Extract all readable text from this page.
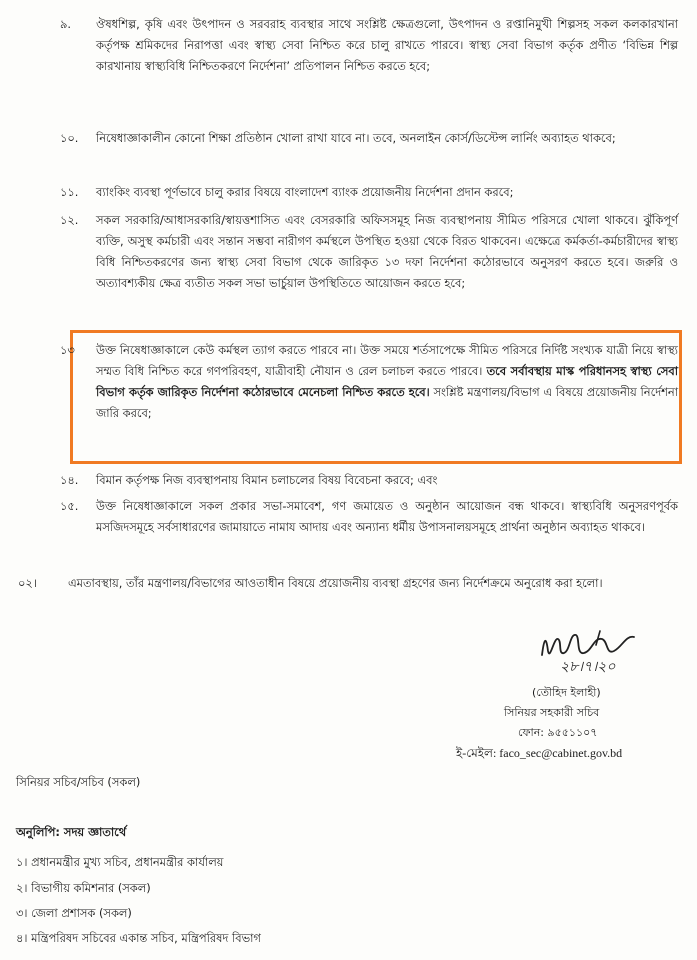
৯. ঔষধশিল্প, কৃষি এবং উৎপাদন ও সরবরাহ ব্যবস্থার সাথে সংশ্লিষ্ট ক্ষেত্রগুলো, উৎপাদন ও রপ্তানিমুখী শিল্পসহ সকল কলকারখানা কর্তৃপক্ষ শ্রমিকদের নিরাপত্তা এবং স্বাস্থ্য সেবা নিশ্চিত করে চালু রাখতে পারবে। স্বাস্থ্য সেবা বিভাগ কর্তৃক প্রণীত ‘বিভিন্ন শিল্প কারখানায় স্বাস্থ্যবিধি নিশ্চিতকরণে নির্দেশনা’ প্রতিপালন নিশ্চিত করতে হবে;
১০. নিষেধাজ্ঞাকালীন কোনো শিক্ষা প্রতিষ্ঠান খোলা রাখা যাবে না। তবে, অনলাইন কোর্স/ডিস্টেন্স লার্নিং অব্যাহত থাকবে;
১১. ব্যাংকিং ব্যবস্থা পূর্ণভাবে চালু করার বিষয়ে বাংলাদেশ ব্যাংক প্রয়োজনীয় নির্দেশনা প্রদান করবে;
১২. সকল সরকারি/আধাসরকারি/স্বায়ত্তশাসিত এবং বেসরকারি অফিসসমূহ নিজ ব্যবস্থাপনায় সীমিত পরিসরে খোলা থাকবে। ঝুঁকিপূর্ণ ব্যক্তি, অসুস্থ কর্মচারী এবং সন্তান সম্ভবা নারীগণ কর্মস্থলে উপস্থিত হওয়া থেকে বিরত থাকবেন। এক্ষেত্রে কর্মকর্তা-কর্মচারীদের স্বাস্থ্য বিধি নিশ্চিতকরণের জন্য স্বাস্থ্য সেবা বিভাগ থেকে জারিকৃত ১৩ দফা নির্দেশনা কঠোরভাবে অনুসরণ করতে হবে। জরুরি ও অত্যাবশ্যকীয় ক্ষেত্র ব্যতীত সকল সভা ভার্চুয়াল উপস্থিতিতে আয়োজন করতে হবে;
১৩ উক্ত নিষেধাজ্ঞাকালে কেউ কর্মস্থল ত্যাগ করতে পারবে না। উক্ত সময়ে শর্তসাপেক্ষে সীমিত পরিসরে নির্দিষ্ট সংখ্যক যাত্রী নিয়ে স্বাস্থ্য সম্মত বিধি নিশ্চিত করে গণপরিবহণ, যাত্রীবাহী নৌযান ও রেল চলাচল করতে পারবে। তবে সর্বাবস্থায় মাস্ক পরিধানসহ স্বাস্থ্য সেবা বিভাগ কর্তৃক জারিকৃত নির্দেশনা কঠোরভাবে মেনেচলা নিশ্চিত করতে হবে। সংশ্লিষ্ট মন্ত্রণালয়/বিভাগ এ বিষয়ে প্রয়োজনীয় নির্দেশনা জারি করবে;
১৪. বিমান কর্তৃপক্ষ নিজ ব্যবস্থাপনায় বিমান চলাচলের বিষয় বিবেচনা করবে; এবং
১৫. উক্ত নিষেধাজ্ঞাকালে সকল প্রকার সভা-সমাবেশ, গণ জমায়েত ও অনুষ্ঠান আয়োজন বন্ধ থাকবে। স্বাস্থ্যবিধি অনুসরণপূর্বক মসজিদসমূহে সর্বসাধারণের জামায়াতে নামায আদায় এবং অন্যান্য ধর্মীয় উপাসনালয়সমূহে প্রার্থনা অনুষ্ঠান অব্যাহত থাকবে।
০২।	এমতাবস্থায়, তাঁর মন্ত্রণালয়/বিভাগের আওতাধীন বিষয়ে প্রয়োজনীয় ব্যবস্থা গ্রহণের জন্য নির্দেশক্রমে অনুরোধ করা হলো।
২৮।৭।২০
(তৌহিদ ইলাহী)
সিনিয়র সহকারী সচিব
ফোন: ৯৫৫১১০৭
ই-মেইল: faco_sec@cabinet.gov.bd
সিনিয়র সচিব/সচিব (সকল)
অনুলিপি: সদয় জ্ঞাতার্থে
১। প্রধানমন্ত্রীর মুখ্য সচিব, প্রধানমন্ত্রীর কার্যালয়
২। বিভাগীয় কমিশনার (সকল)
৩। জেলা প্রশাসক (সকল)
৪। মন্ত্রিপরিষদ সচিবের একান্ত সচিব, মন্ত্রিপরিষদ বিভাগ
